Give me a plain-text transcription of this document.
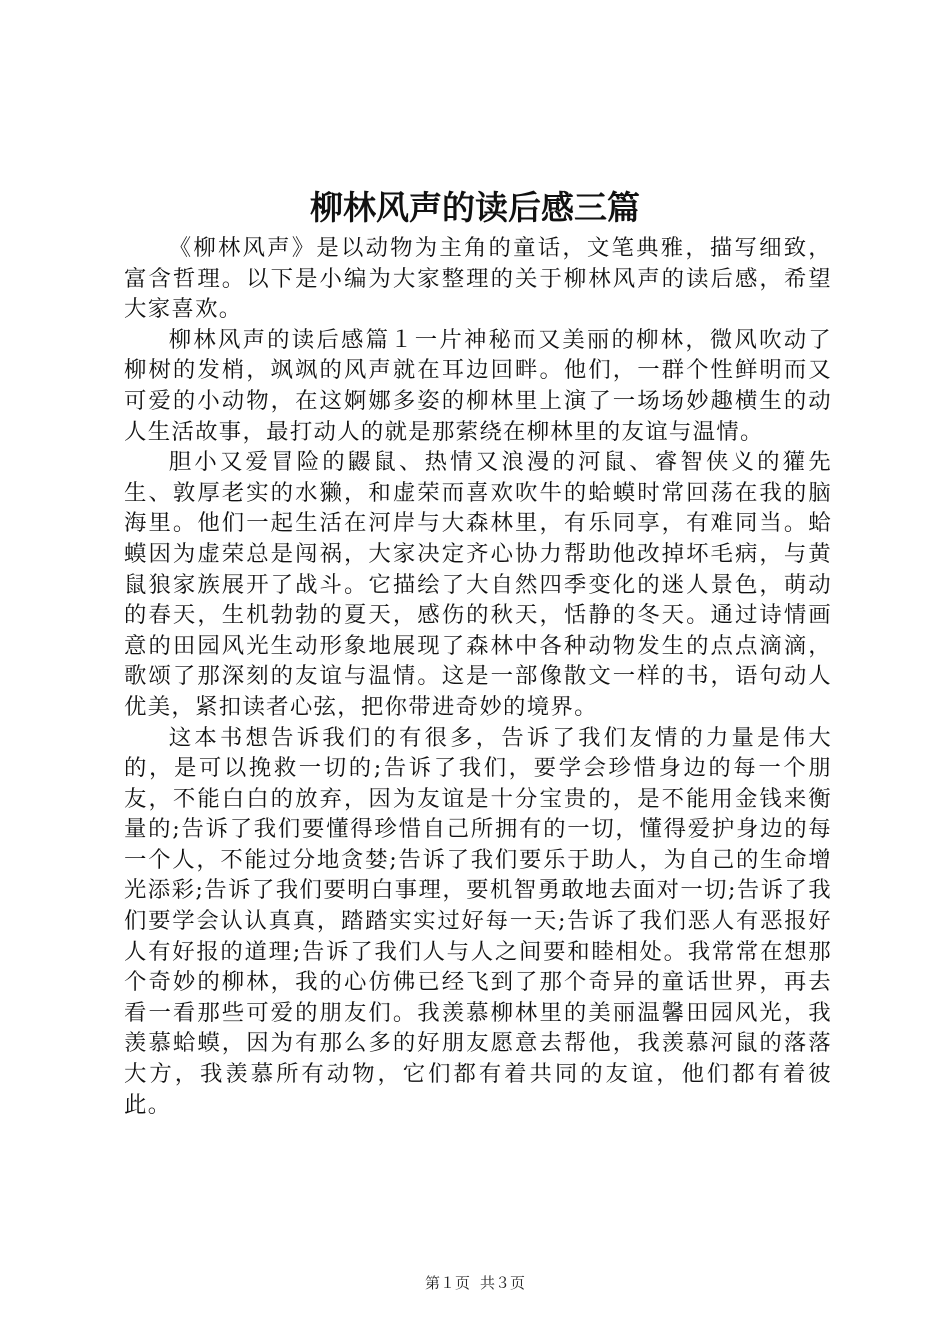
柳林风声的读后感三篇

《柳林风声》是以动物为主角的童话，文笔典雅，描写细致，富含哲理。以下是小编为大家整理的关于柳林风声的读后感，希望大家喜欢。

柳林风声的读后感篇１一片神秘而又美丽的柳林，微风吹动了柳树的发梢，飒飒的风声就在耳边回畔。他们，一群个性鲜明而又可爱的小动物，在这婀娜多姿的柳林里上演了一场场妙趣横生的动人生活故事，最打动人的就是那萦绕在柳林里的友谊与温情。

胆小又爱冒险的鼹鼠、热情又浪漫的河鼠、睿智侠义的獾先生、敦厚老实的水獭，和虚荣而喜欢吹牛的蛤蟆时常回荡在我的脑海里。他们一起生活在河岸与大森林里，有乐同享，有难同当。蛤蟆因为虚荣总是闯祸，大家决定齐心协力帮助他改掉坏毛病，与黄鼠狼家族展开了战斗。它描绘了大自然四季变化的迷人景色，萌动的春天，生机勃勃的夏天，感伤的秋天，恬静的冬天。通过诗情画意的田园风光生动形象地展现了森林中各种动物发生的点点滴滴，歌颂了那深刻的友谊与温情。这是一部像散文一样的书，语句动人优美，紧扣读者心弦，把你带进奇妙的境界。

这本书想告诉我们的有很多，告诉了我们友情的力量是伟大的，是可以挽救一切的;告诉了我们，要学会珍惜身边的每一个朋友，不能白白的放弃，因为友谊是十分宝贵的，是不能用金钱来衡量的;告诉了我们要懂得珍惜自己所拥有的一切，懂得爱护身边的每一个人，不能过分地贪婪;告诉了我们要乐于助人，为自己的生命增光添彩;告诉了我们要明白事理，要机智勇敢地去面对一切;告诉了我们要学会认认真真，踏踏实实过好每一天;告诉了我们恶人有恶报好人有好报的道理;告诉了我们人与人之间要和睦相处。我常常在想那个奇妙的柳林，我的心仿佛已经飞到了那个奇异的童话世界，再去看一看那些可爱的朋友们。我羡慕柳林里的美丽温馨田园风光，我羡慕蛤蟆，因为有那么多的好朋友愿意去帮他，我羡慕河鼠的落落大方，我羡慕所有动物，它们都有着共同的友谊，他们都有着彼此。

第１页 共３页
